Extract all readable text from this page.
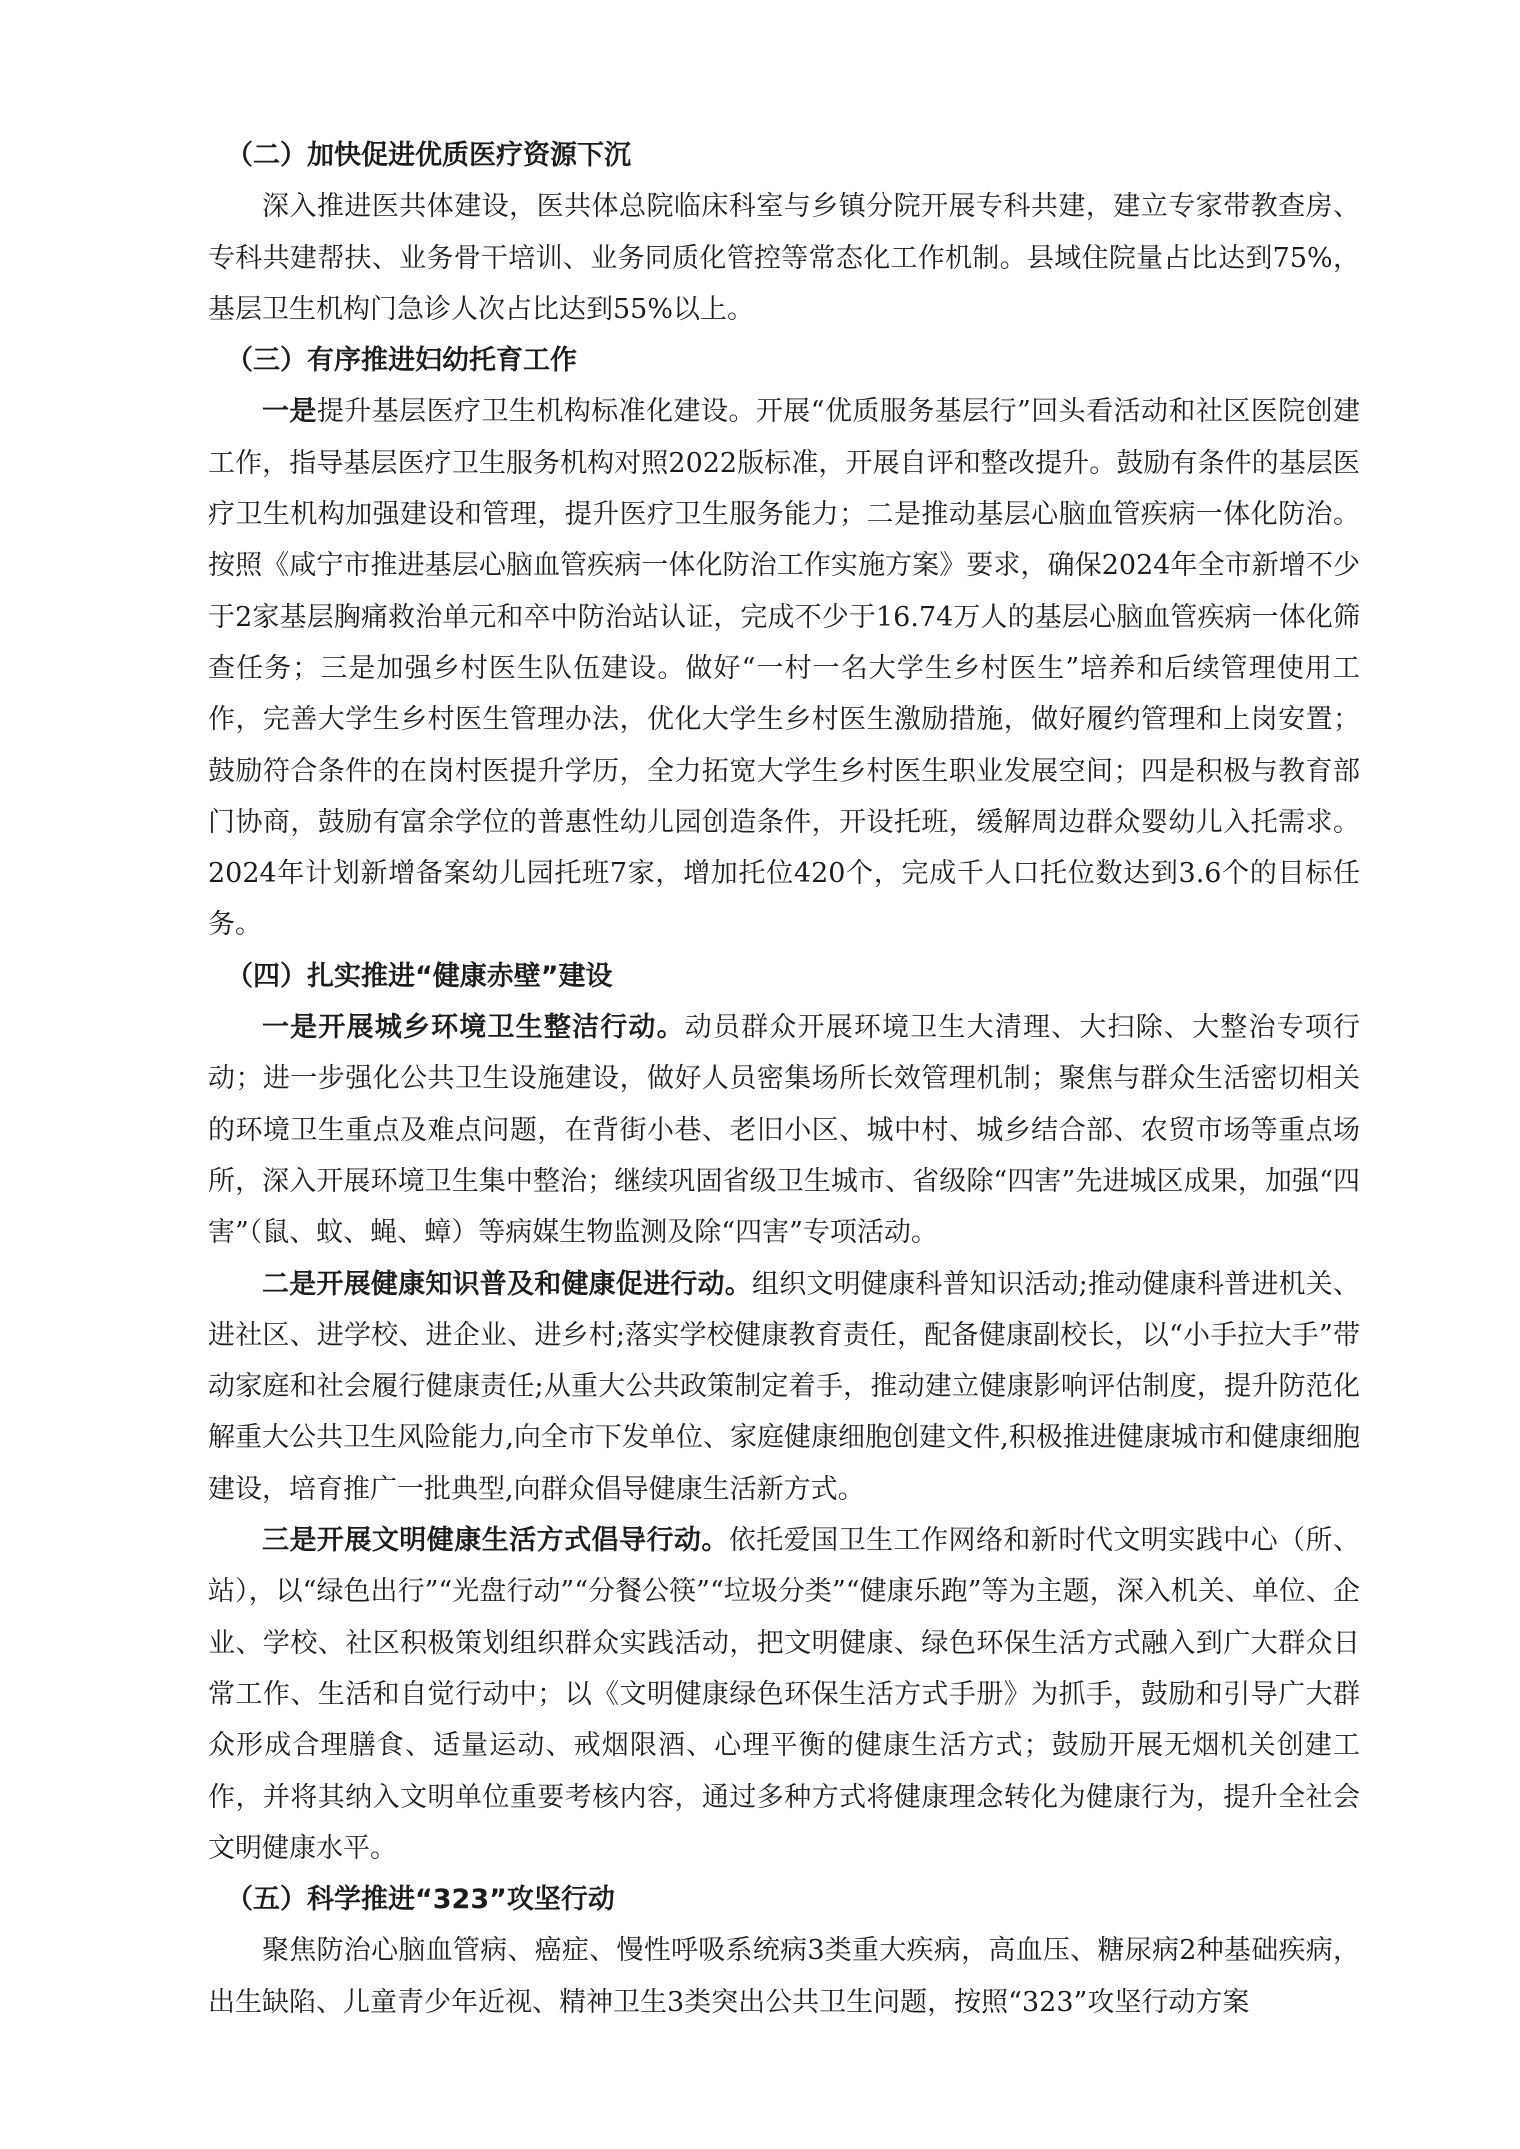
（二）加快促进优质医疗资源下沉

深入推进医共体建设，医共体总院临床科室与乡镇分院开展专科共建，建立专家带教查房、专科共建帮扶、业务骨干培训、业务同质化管控等常态化工作机制。县域住院量占比达到75%，基层卫生机构门急诊人次占比达到55%以上。

（三）有序推进妇幼托育工作

一是提升基层医疗卫生机构标准化建设。开展“优质服务基层行”回头看活动和社区医院创建工作，指导基层医疗卫生服务机构对照2022版标准，开展自评和整改提升。鼓励有条件的基层医疗卫生机构加强建设和管理，提升医疗卫生服务能力；二是推动基层心脑血管疾病一体化防治。按照《咸宁市推进基层心脑血管疾病一体化防治工作实施方案》要求，确保2024年全市新增不少于2家基层胸痛救治单元和卒中防治站认证，完成不少于16.74万人的基层心脑血管疾病一体化筛查任务；三是加强乡村医生队伍建设。做好“一村一名大学生乡村医生”培养和后续管理使用工作，完善大学生乡村医生管理办法，优化大学生乡村医生激励措施，做好履约管理和上岗安置；鼓励符合条件的在岗村医提升学历，全力拓宽大学生乡村医生职业发展空间；四是积极与教育部门协商，鼓励有富余学位的普惠性幼儿园创造条件，开设托班，缓解周边群众婴幼儿入托需求。2024年计划新增备案幼儿园托班7家，增加托位420个，完成千人口托位数达到3.6个的目标任务。

（四）扎实推进“健康赤壁”建设

一是开展城乡环境卫生整洁行动。动员群众开展环境卫生大清理、大扫除、大整治专项行动；进一步强化公共卫生设施建设，做好人员密集场所长效管理机制；聚焦与群众生活密切相关的环境卫生重点及难点问题，在背街小巷、老旧小区、城中村、城乡结合部、农贸市场等重点场所，深入开展环境卫生集中整治；继续巩固省级卫生城市、省级除“四害”先进城区成果，加强“四害”（鼠、蚊、蝇、蟑）等病媒生物监测及除“四害”专项活动。

二是开展健康知识普及和健康促进行动。组织文明健康科普知识活动;推动健康科普进机关、进社区、进学校、进企业、进乡村;落实学校健康教育责任，配备健康副校长，以“小手拉大手”带动家庭和社会履行健康责任;从重大公共政策制定着手，推动建立健康影响评估制度，提升防范化解重大公共卫生风险能力,向全市下发单位、家庭健康细胞创建文件,积极推进健康城市和健康细胞建设，培育推广一批典型,向群众倡导健康生活新方式。

三是开展文明健康生活方式倡导行动。依托爱国卫生工作网络和新时代文明实践中心（所、站），以“绿色出行”“光盘行动”“分餐公筷”“垃圾分类”“健康乐跑”等为主题，深入机关、单位、企业、学校、社区积极策划组织群众实践活动，把文明健康、绿色环保生活方式融入到广大群众日常工作、生活和自觉行动中；以《文明健康绿色环保生活方式手册》为抓手，鼓励和引导广大群众形成合理膳食、适量运动、戒烟限酒、心理平衡的健康生活方式；鼓励开展无烟机关创建工作，并将其纳入文明单位重要考核内容，通过多种方式将健康理念转化为健康行为，提升全社会文明健康水平。

（五）科学推进“323”攻坚行动

聚焦防治心脑血管病、癌症、慢性呼吸系统病3类重大疾病，高血压、糖尿病2种基础疾病，出生缺陷、儿童青少年近视、精神卫生3类突出公共卫生问题，按照“323”攻坚行动方案
